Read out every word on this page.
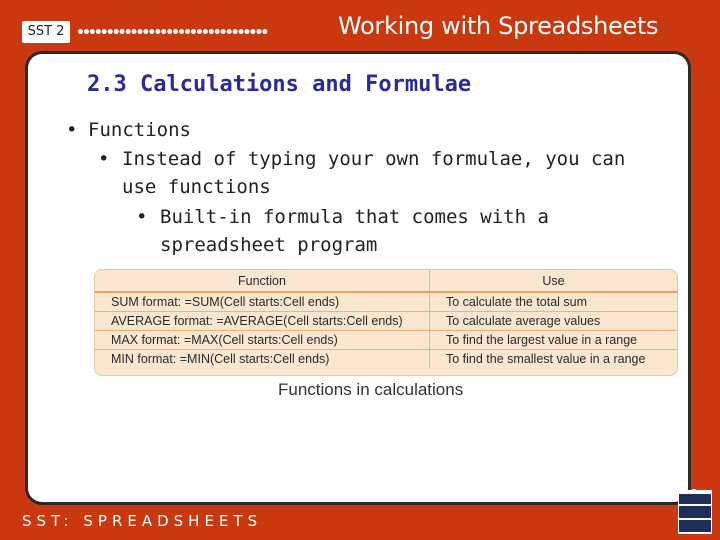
SST 2 ••••••••••••••••••••••••••••••••	Working with Spreadsheets
2.3 Calculations and Formulae
• Functions
• Instead of typing your own formulae, you can use functions
• Built-in formula that comes with a spreadsheet program
Function	Use
SUM format: =SUM(Cell starts:Cell ends)	To calculate the total sum
AVERAGE format: =AVERAGE(Cell starts:Cell ends)	To calculate average values
MAX format: =MAX(Cell starts:Cell ends)	To find the largest value in a range
MIN format: =MIN(Cell starts:Cell ends)	To find the smallest value in a range
Functions in calculations
SST: SPREADSHEETS
